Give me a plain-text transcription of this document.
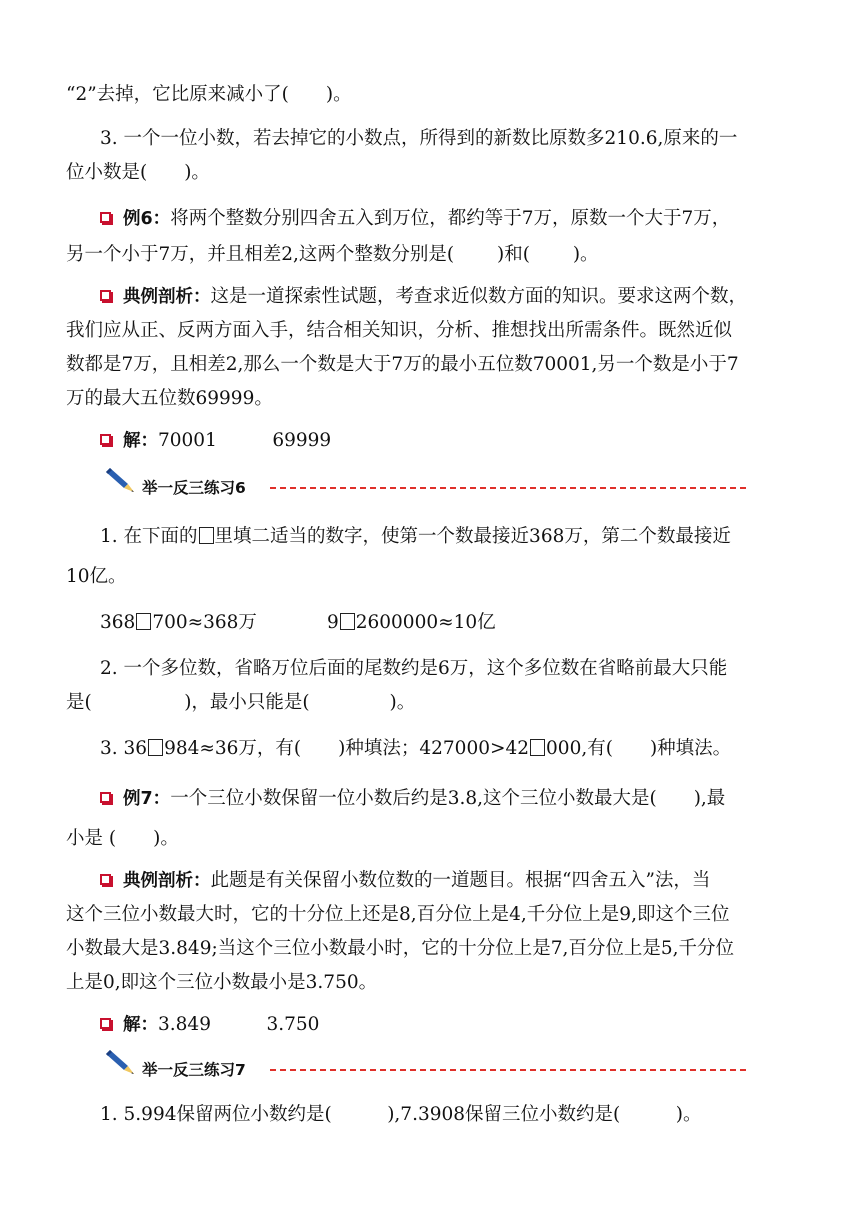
“2”去掉，它比原来减小了(　　)。
3. 一个一位小数，若去掉它的小数点，所得到的新数比原数多210.6,原来的一
位小数是(　　)。
例6：将两个整数分别四舍五入到万位，都约等于7万，原数一个大于7万，
另一个小于7万，并且相差2,这两个整数分别是(　　 )和(　　 )。
典例剖析：这是一道探索性试题，考查求近似数方面的知识。要求这两个数，
我们应从正、反两方面入手，结合相关知识，分析、推想找出所需条件。既然近似
数都是7万，且相差2,那么一个数是大于7万的最小五位数70001,另一个数是小于7
万的最大五位数69999。
解：70001　　　69999
举一反三练习6
1. 在下面的 里填二适当的数字，使第一个数最接近368万，第二个数最接近
10亿。
368 700≈368万	9 2600000≈10亿
2. 一个多位数，省略万位后面的尾数约是6万，这个多位数在省略前最大只能
是(　　　　　)，最小只能是(　　　　 )。
3. 36 984≈36万，有(　　)种填法；427000>42 000,有(　　)种填法。
例7：一个三位小数保留一位小数后约是3.8,这个三位小数最大是(　　),最
小是 (　　)。
典例剖析：此题是有关保留小数位数的一道题目。根据“四舍五入”法，当
这个三位小数最大时，它的十分位上还是8,百分位上是4,千分位上是9,即这个三位
小数最大是3.849;当这个三位小数最小时，它的十分位上是7,百分位上是5,千分位
上是0,即这个三位小数最小是3.750。
解：3.849　　　3.750
举一反三练习7
1. 5.994保留两位小数约是(　　　),7.3908保留三位小数约是(　　　)。
